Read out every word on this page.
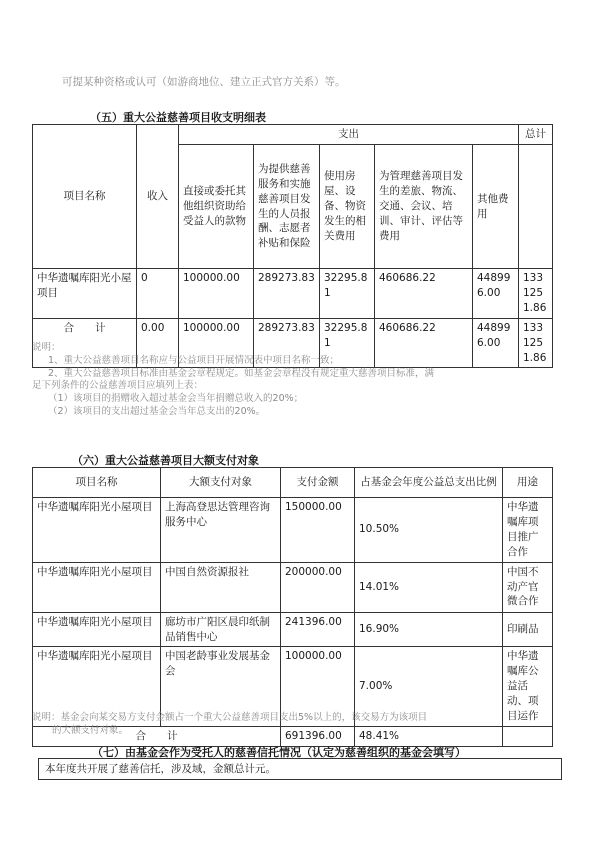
可提某种资格或认可（如游商地位、建立正式官方关系）等。
（五）重大公益慈善项目收支明细表
项目名称	收入	支出					总计
		直接或委托其他组织资助给受益人的款物	为提供慈善服务和实施慈善项目发生的人员报酬、志愿者补贴和保险	使用房屋、设备、物资发生的相关费用	为管理慈善项目发生的差旅、物流、交通、会议、培训、审计、评估等费用	其他费用	
中华遗嘱库阳光小屋项目	0	100000.00	289273.83	32295.81	460686.22	448996.00	1331251.86
合　　计	0.00	100000.00	289273.83	32295.81	460686.22	448996.00	1331251.86
说明：
1、重大公益慈善项目名称应与公益项目开展情况表中项目名称一致；
2、重大公益慈善项目标准由基金会章程规定。如基金会章程没有规定重大慈善项目标准，满
足下列条件的公益慈善项目应填列上表：
（1）该项目的捐赠收入超过基金会当年捐赠总收入的20%；
（2）该项目的支出超过基金会当年总支出的20%。
（六）重大公益慈善项目大额支付对象
项目名称	大额支付对象	支付金额	占基金会年度公益总支出比例	用途
中华遗嘱库阳光小屋项目	上海高登思达管理咨询服务中心	150000.00	10.50%	中华遗嘱库项目推广合作
中华遗嘱库阳光小屋项目	中国自然资源报社	200000.00	14.01%	中国不动产官微合作
中华遗嘱库阳光小屋项目	廊坊市广阳区晨印纸制品销售中心	241396.00	16.90%	印刷品
中华遗嘱库阳光小屋项目	中国老龄事业发展基金会	100000.00	7.00%	中华遗嘱库公益活动、项目运作
合　　计		691396.00	48.41%	
说明：基金会向某交易方支付金额占一个重大公益慈善项目支出5%以上的，该交易方为该项目
的大额支付对象。
（七）由基金会作为受托人的慈善信托情况（认定为慈善组织的基金会填写）
本年度共开展了慈善信托，涉及域，金额总计元。
